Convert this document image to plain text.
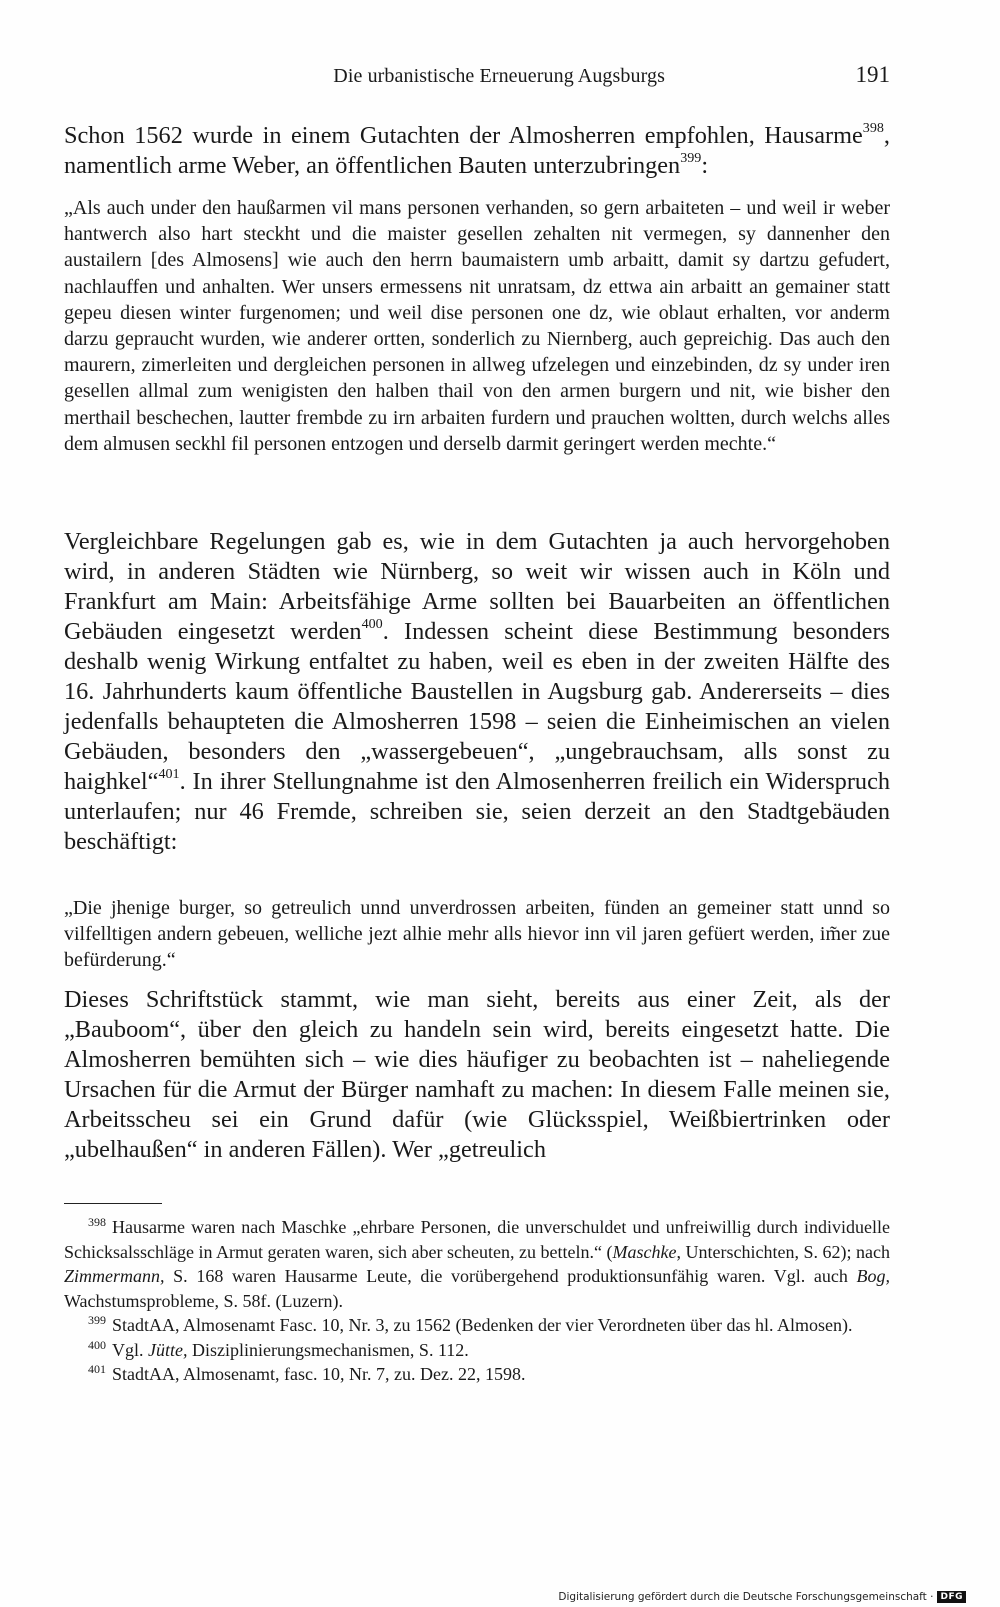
Die urbanistische Erneuerung Augsburgs	191

Schon 1562 wurde in einem Gutachten der Almosherren empfohlen, Hausarme$^{398}$, namentlich arme Weber, an öffentlichen Bauten unterzubringen$^{399}$:

„Als auch under den haußarmen vil mans personen verhanden, so gern arbaiteten – und weil ir weber hantwerch also hart steckht und die maister gesellen zehalten nit vermegen, sy dannenher den austailern [des Almosens] wie auch den herrn baumaistern umb arbaitt, damit sy dartzu gefudert, nachlauffen und anhalten. Wer unsers ermessens nit unratsam, dz ettwa ain arbaitt an gemainer statt gepeu diesen winter furgenomen; und weil dise personen one dz, wie oblaut erhalten, vor anderm darzu gepraucht wurden, wie anderer ortten, sonderlich zu Niernberg, auch gepreichig. Das auch den maurern, zimerleiten und dergleichen personen in allweg ufzelegen und einzebinden, dz sy under iren gesellen allmal zum wenigisten den halben thail von den armen burgern und nit, wie bisher den merthail beschechen, lautter frembde zu irn arbaiten furdern und prauchen woltten, durch welchs alles dem almusen seckhl fil personen entzogen und derselb darmit geringert werden mechte.“

Vergleichbare Regelungen gab es, wie in dem Gutachten ja auch hervorgehoben wird, in anderen Städten wie Nürnberg, so weit wir wissen auch in Köln und Frankfurt am Main: Arbeitsfähige Arme sollten bei Bauarbeiten an öffentlichen Gebäuden eingesetzt werden$^{400}$. Indessen scheint diese Bestimmung besonders deshalb wenig Wirkung entfaltet zu haben, weil es eben in der zweiten Hälfte des 16. Jahrhunderts kaum öffentliche Baustellen in Augsburg gab. Andererseits – dies jedenfalls behaupteten die Almosherren 1598 – seien die Einheimischen an vielen Gebäuden, besonders den „wassergebeuen“, „ungebrauchsam, alls sonst zu haighkel“$^{401}$. In ihrer Stellungnahme ist den Almosenherren freilich ein Widerspruch unterlaufen; nur 46 Fremde, schreiben sie, seien derzeit an den Stadtgebäuden beschäftigt:

„Die jhenige burger, so getreulich unnd unverdrossen arbeiten, fünden an gemeiner statt unnd so vilfelltigen andern gebeuen, welliche jezt alhie mehr alls hievor inn vil jaren gefüert werden, im̃er zue befürderung.“

Dieses Schriftstück stammt, wie man sieht, bereits aus einer Zeit, als der „Bauboom“, über den gleich zu handeln sein wird, bereits eingesetzt hatte. Die Almosherren bemühten sich – wie dies häufiger zu beobachten ist – naheliegende Ursachen für die Armut der Bürger namhaft zu machen: In diesem Falle meinen sie, Arbeitsscheu sei ein Grund dafür (wie Glücksspiel, Weißbiertrinken oder „ubelhaußen“ in anderen Fällen). Wer „getreulich

$^{398}$ Hausarme waren nach Maschke „ehrbare Personen, die unverschuldet und unfreiwillig durch individuelle Schicksalsschläge in Armut geraten waren, sich aber scheuten, zu betteln.“ (Maschke, Unterschichten, S. 62); nach Zimmermann, S. 168 waren Hausarme Leute, die vorübergehend produktionsunfähig waren. Vgl. auch Bog, Wachstumsprobleme, S. 58f. (Luzern).

$^{399}$ StadtAA, Almosenamt Fasc. 10, Nr. 3, zu 1562 (Bedenken der vier Verordneten über das hl. Almosen).

$^{400}$ Vgl. Jütte, Disziplinierungsmechanismen, S. 112.

$^{401}$ StadtAA, Almosenamt, fasc. 10, Nr. 7, zu. Dez. 22, 1598.

Digitalisierung gefördert durch die Deutsche Forschungsgemeinschaft · DFG
